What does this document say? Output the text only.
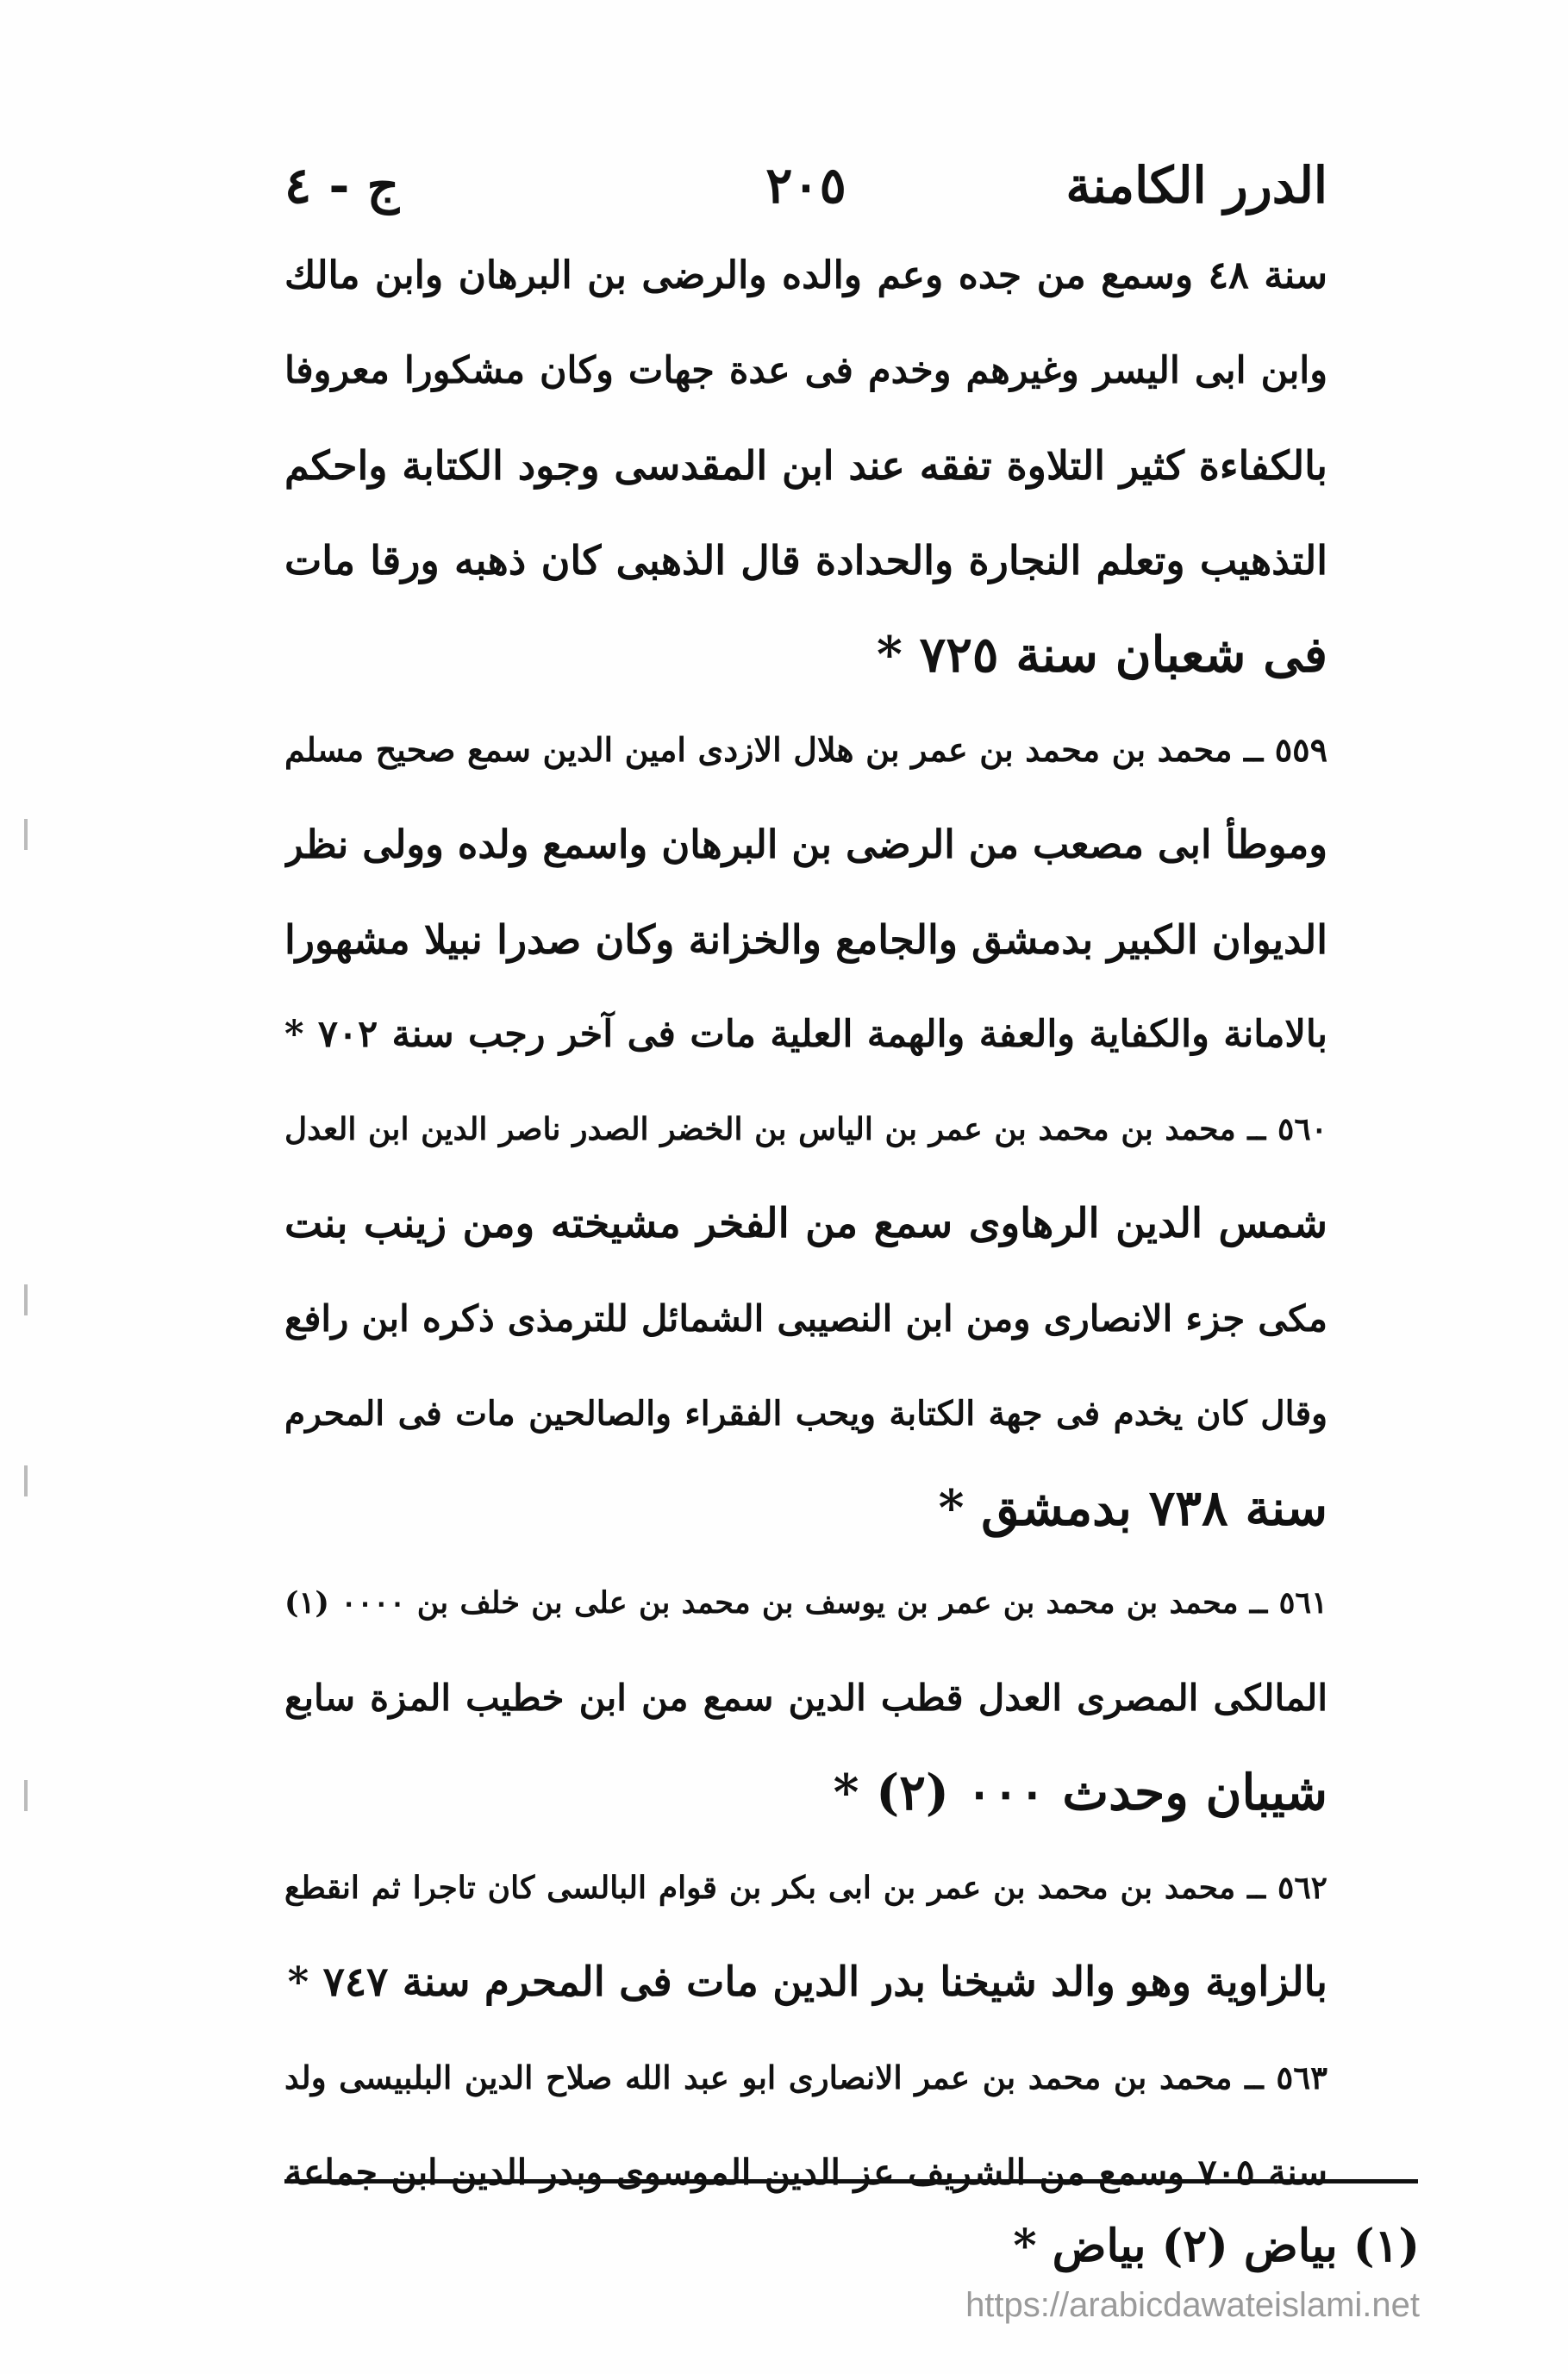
الدرر الكامنة
٢٠٥
ج - ٤
سنة ٤٨ وسمع من جده وعم والده والرضى بن البرهان وابن مالك
وابن ابى اليسر وغيرهم وخدم فى عدة جهات وكان مشكورا معروفا
بالكفاءة كثير التلاوة تفقه عند ابن المقدسى وجود الكتابة واحكم
التذهيب وتعلم النجارة والحدادة قال الذهبى كان ذهبه ورقا مات
فى شعبان سنة ٧٢٥ *
٥٥٩ ــ محمد بن محمد بن عمر بن هلال الازدى امين الدين سمع صحيح مسلم
وموطأ ابى مصعب من الرضى بن البرهان واسمع ولده وولى نظر
الديوان الكبير بدمشق والجامع والخزانة وكان صدرا نبيلا مشهورا
بالامانة والكفاية والعفة والهمة العلية مات فى آخر رجب سنة ٧٠٢ *
٥٦٠ ــ محمد بن محمد بن عمر بن الياس بن الخضر الصدر ناصر الدين ابن العدل
شمس الدين الرهاوى سمع من الفخر مشيخته ومن زينب بنت
مكى جزء الانصارى ومن ابن النصيبى الشمائل للترمذى ذكره ابن رافع
وقال كان يخدم فى جهة الكتابة ويحب الفقراء والصالحين مات فى المحرم
سنة ٧٣٨ بدمشق *
٥٦١ ــ محمد بن محمد بن عمر بن يوسف بن محمد بن على بن خلف بن ٠٠٠٠ (١)
المالكى المصرى العدل قطب الدين سمع من ابن خطيب المزة سابع
شيبان وحدث ٠٠٠ (٢) *
٥٦٢ ــ محمد بن محمد بن عمر بن ابى بكر بن قوام البالسى كان تاجرا ثم انقطع
بالزاوية وهو والد شيخنا بدر الدين مات فى المحرم سنة ٧٤٧ *
٥٦٣ ــ محمد بن محمد بن عمر الانصارى ابو عبد الله صلاح الدين البلبيسى ولد
سنة ٧٠٥ وسمع من الشريف عز الدين الموسوى وبدر الدين ابن جماعة
(١) بياض (٢) بياض *
https://arabicdawateislami.net
